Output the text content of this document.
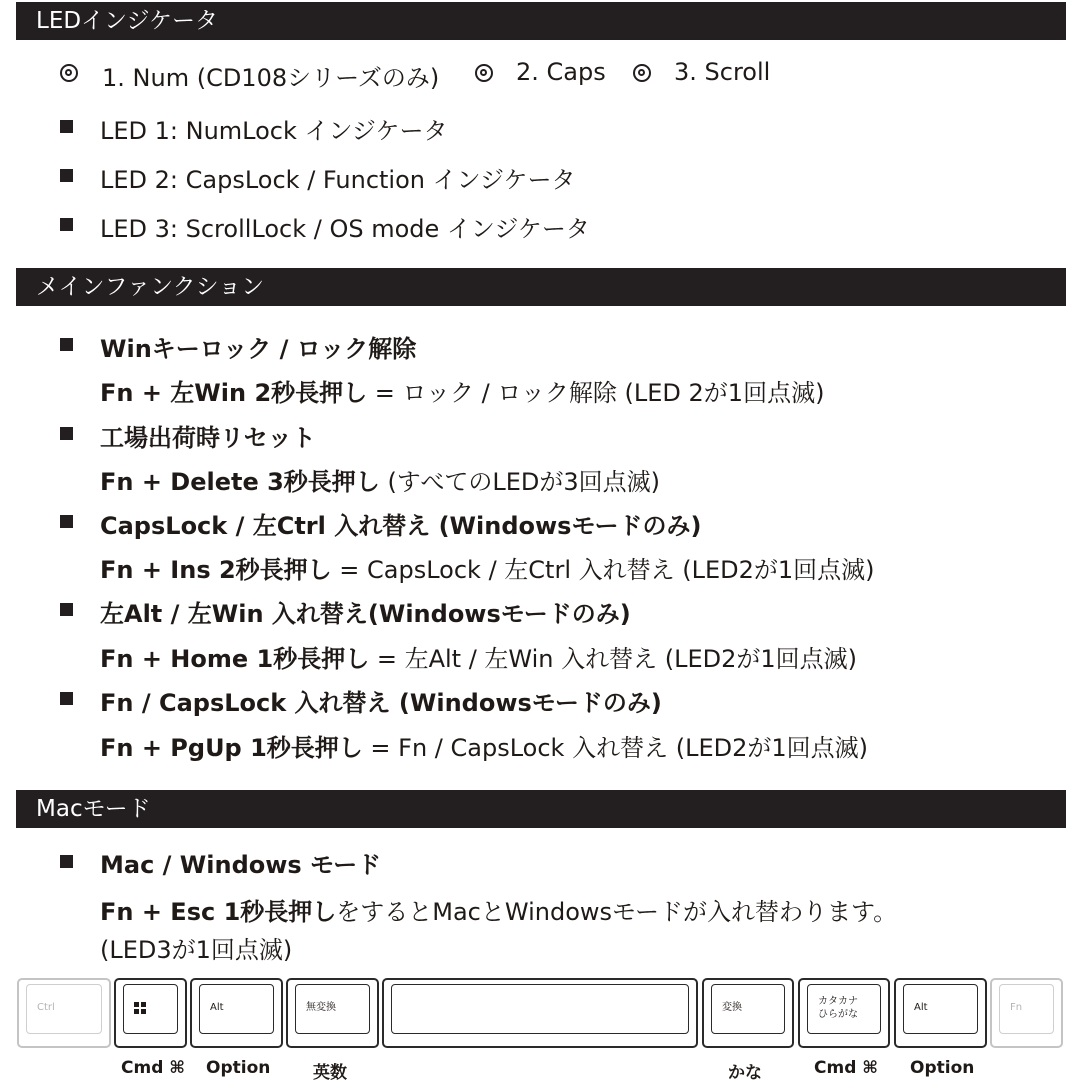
LEDインジケータ
1. Num (CD108シリーズのみ)	2. Caps	3. Scroll
LED 1: NumLock インジケータ
LED 2: CapsLock / Function インジケータ
LED 3: ScrollLock / OS mode インジケータ
メインファンクション
Winキーロック / ロック解除
Fn + 左Win 2秒長押し = ロック / ロック解除 (LED 2が1回点滅)
工場出荷時リセット
Fn + Delete 3秒長押し (すべてのLEDが3回点滅)
CapsLock / 左Ctrl 入れ替え (Windowsモードのみ)
Fn + Ins 2秒長押し = CapsLock / 左Ctrl 入れ替え (LED2が1回点滅)
左Alt / 左Win 入れ替え(Windowsモードのみ)
Fn + Home 1秒長押し = 左Alt / 左Win 入れ替え (LED2が1回点滅)
Fn / CapsLock 入れ替え (Windowsモードのみ)
Fn + PgUp 1秒長押し = Fn / CapsLock 入れ替え (LED2が1回点滅)
Macモード
Mac / Windows モード
Fn + Esc 1秒長押しをするとMacとWindowsモードが入れ替わります。
(LED3が1回点滅)
Ctrl	Alt	無変換	変換
カタカナ
ひらがな
Alt	Fn
Cmd ⌘ Option	英数	かな	Cmd ⌘ Option
